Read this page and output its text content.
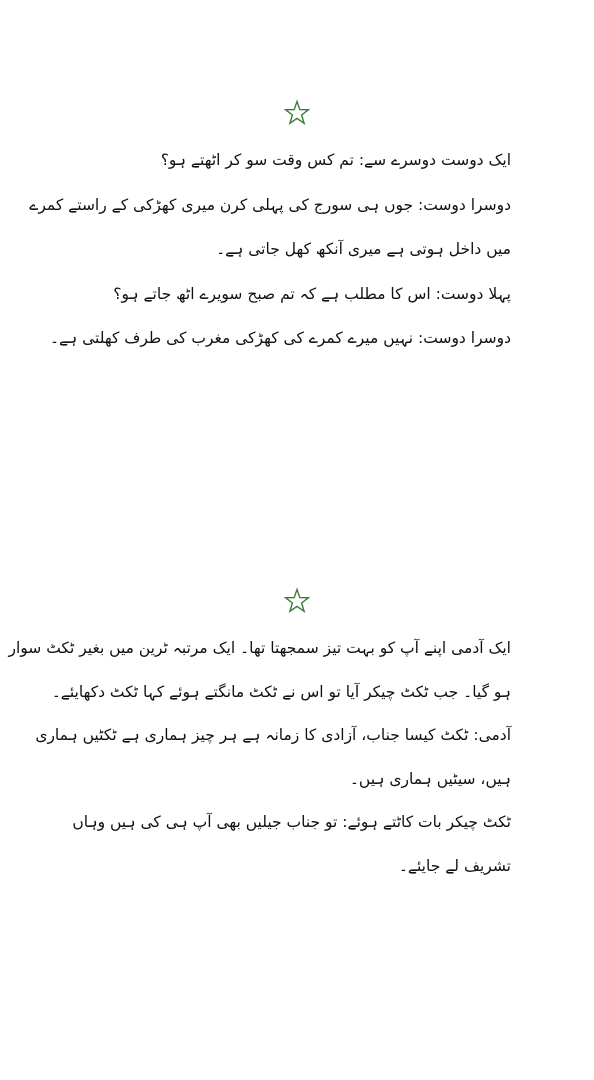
ایک دوست دوسرے سے: تم کس وقت سو کر اٹھتے ہو؟
دوسرا دوست: جوں ہی سورج کی پہلی کرن میری کھڑکی کے راستے کمرے
میں داخل ہوتی ہے میری آنکھ کھل جاتی ہے۔
پہلا دوست: اس کا مطلب ہے کہ تم صبح سویرے اٹھ جاتے ہو؟
دوسرا دوست: نہیں میرے کمرے کی کھڑکی مغرب کی طرف کھلتی ہے۔
ایک آدمی اپنے آپ کو بہت تیز سمجھتا تھا۔ ایک مرتبہ ٹرین میں بغیر ٹکٹ سوار
ہو گیا۔ جب ٹکٹ چیکر آیا تو اس نے ٹکٹ مانگتے ہوئے کہا ٹکٹ دکھایئے۔
آدمی: ٹکٹ کیسا جناب، آزادی کا زمانہ ہے ہر چیز ہماری ہے ٹکٹیں ہماری
ہیں، سیٹیں ہماری ہیں۔
ٹکٹ چیکر بات کاٹتے ہوئے: تو جناب جیلیں بھی آپ ہی کی ہیں وہاں
تشریف لے جایئے۔
